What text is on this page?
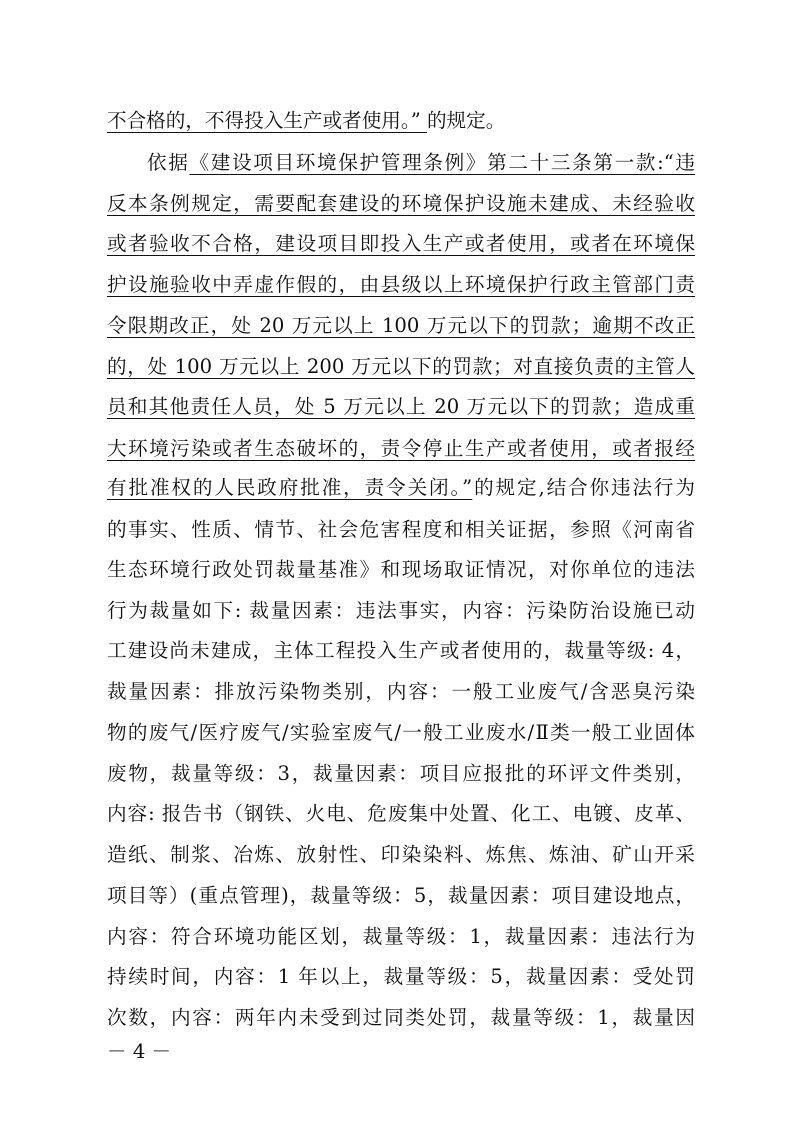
不合格的，不得投入生产或者使用。” 的规定。
依据《建设项目环境保护管理条例》第二十三条第一款:“违
反本条例规定，需要配套建设的环境保护设施未建成、未经验收
或者验收不合格，建设项目即投入生产或者使用，或者在环境保
护设施验收中弄虚作假的，由县级以上环境保护行政主管部门责
令限期改正，处 20 万元以上 100 万元以下的罚款；逾期不改正
的，处 100 万元以上 200 万元以下的罚款；对直接负责的主管人
员和其他责任人员，处 5 万元以上 20 万元以下的罚款；造成重
大环境污染或者生态破坏的，责令停止生产或者使用，或者报经
有批准权的人民政府批准，责令关闭。”的规定,结合你违法行为
的事实、性质、情节、社会危害程度和相关证据，参照《河南省
生态环境行政处罚裁量基准》和现场取证情况，对你单位的违法
行为裁量如下: 裁量因素：违法事实，内容：污染防治设施已动
工建设尚未建成，主体工程投入生产或者使用的，裁量等级: 4，
裁量因素：排放污染物类别，内容：一般工业废气/含恶臭污染
物的废气/医疗废气/实验室废气/一般工业废水/Ⅱ类一般工业固体
废物，裁量等级：3，裁量因素：项目应报批的环评文件类别，
内容: 报告书（钢铁、火电、危废集中处置、化工、电镀、皮革、
造纸、制浆、冶炼、放射性、印染染料、炼焦、炼油、矿山开采
项目等）(重点管理)，裁量等级：5，裁量因素：项目建设地点，
内容：符合环境功能区划，裁量等级：1，裁量因素：违法行为
持续时间，内容：1 年以上，裁量等级：5，裁量因素：受处罚
次数，内容：两年内未受到过同类处罚，裁量等级：1，裁量因
－ 4 －
